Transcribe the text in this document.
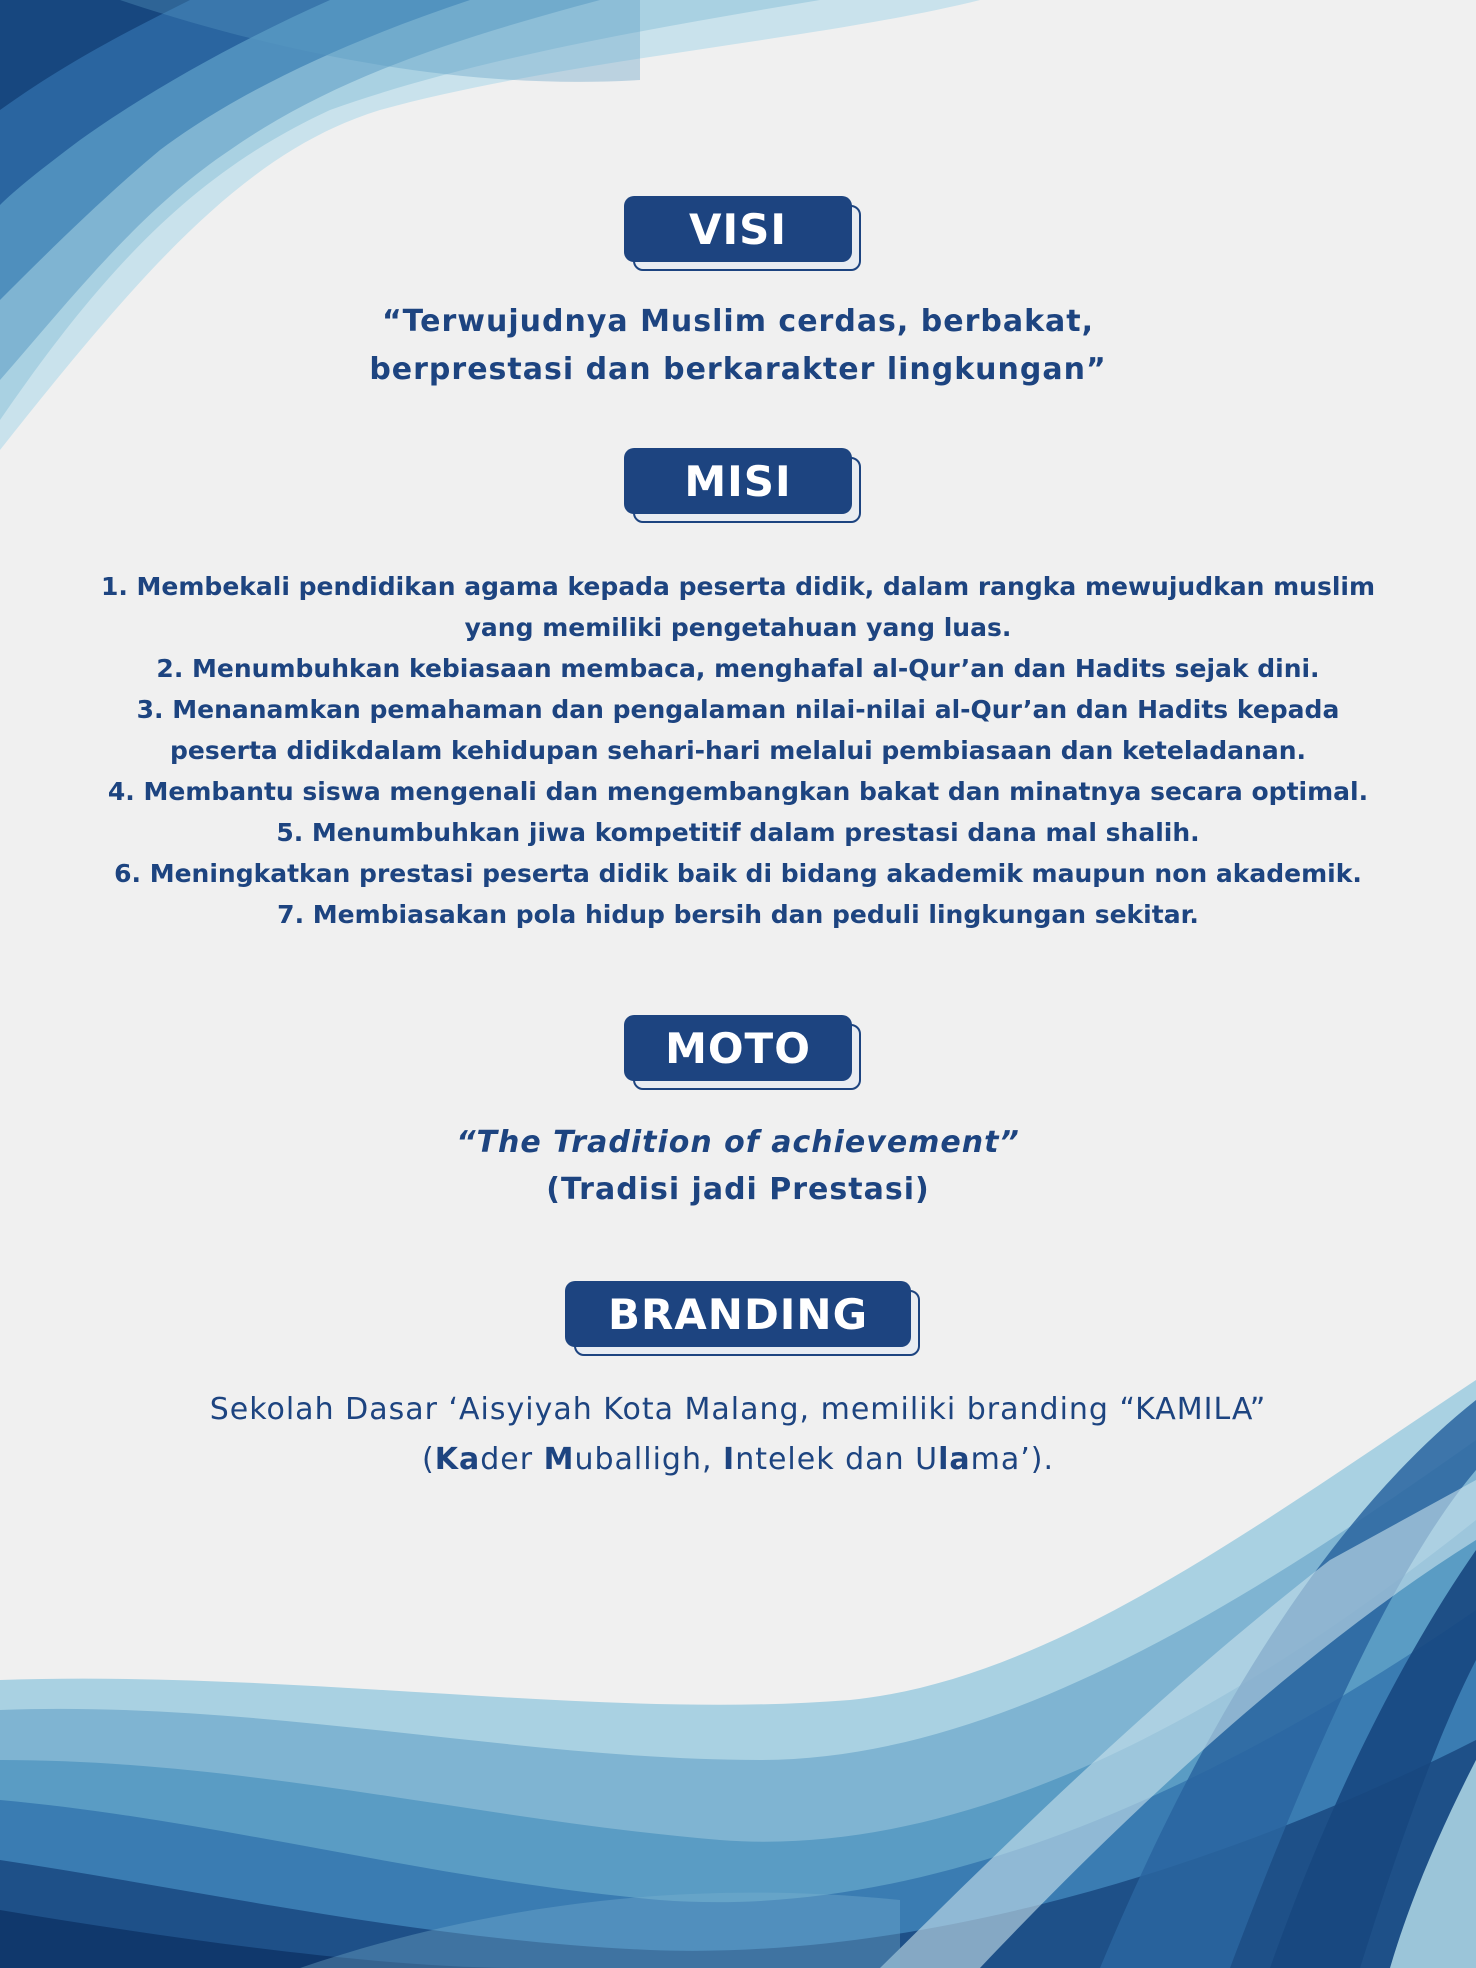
VISI
“Terwujudnya Muslim cerdas, berbakat,
berprestasi dan berkarakter lingkungan”
MISI
1. Membekali pendidikan agama kepada peserta didik, dalam rangka mewujudkan muslim
yang memiliki pengetahuan yang luas.
2. Menumbuhkan kebiasaan membaca, menghafal al-Qur’an dan Hadits sejak dini.
3. Menanamkan pemahaman dan pengalaman nilai-nilai al-Qur’an dan Hadits kepada
peserta didikdalam kehidupan sehari-hari melalui pembiasaan dan keteladanan.
4. Membantu siswa mengenali dan mengembangkan bakat dan minatnya secara optimal.
5. Menumbuhkan jiwa kompetitif dalam prestasi dana mal shalih.
6. Meningkatkan prestasi peserta didik baik di bidang akademik maupun non akademik.
7. Membiasakan pola hidup bersih dan peduli lingkungan sekitar.
MOTO
“The Tradition of achievement”
(Tradisi jadi Prestasi)
BRANDING
Sekolah Dasar ‘Aisyiyah Kota Malang, memiliki branding “KAMILA”
(Kader Muballigh, Intelek dan Ulama’).
